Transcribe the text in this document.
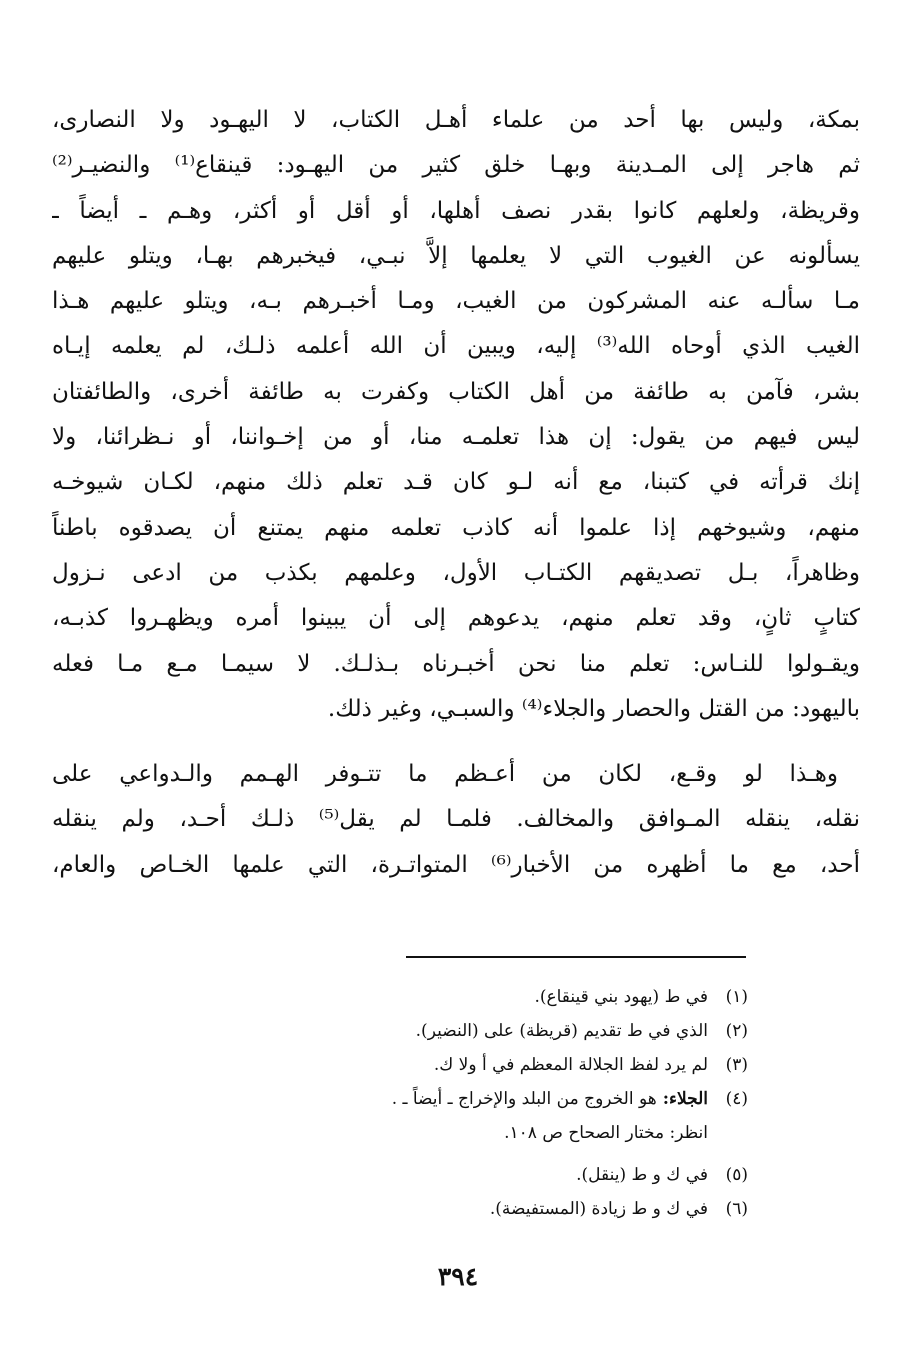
بمكة، وليس بها أحد من علماء أهـل الكتاب، لا اليهـود ولا النصارى،
ثم هاجر إلى المـدينة وبهـا خلق كثير من اليهـود: قينقاع⁽¹⁾ والنضيـر⁽²⁾
وقريظة، ولعلهم كانوا بقدر نصف أهلها، أو أقل أو أكثر، وهـم ـ أيضاً ـ
يسألونه عن الغيوب التي لا يعلمها إلاَّ نبـي، فيخبرهم بهـا، ويتلو عليهم
مـا سألـه عنه المشركون من الغيب، ومـا أخبـرهم بـه، ويتلو عليهم هـذا
الغيب الذي أوحاه الله⁽³⁾ إليه، ويبين أن الله أعلمه ذلـك، لم يعلمه إيـاه
بشر، فآمن به طائفة من أهل الكتاب وكفرت به طائفة أخرى، والطائفتان
ليس فيهم من يقول: إن هذا تعلمـه منا، أو من إخـواننا، أو نـظرائنا، ولا
إنك قرأته في كتبنا، مع أنه لـو كان قـد تعلم ذلك منهم، لكـان شيوخـه
منهم، وشيوخهم إذا علموا أنه كاذب تعلمه منهم يمتنع أن يصدقوه باطناً
وظاهراً، بـل تصديقهم الكتـاب الأول، وعلمهم بكذب من ادعى نـزول
كتابٍ ثانٍ، وقد تعلم منهم، يدعوهم إلى أن يبينوا أمره ويظهـروا كذبـه،
ويقـولوا للنـاس: تعلم منا نحن أخبـرناه بـذلـك. لا سيمـا مـع مـا فعله
باليهود: من القتل والحصار والجلاء⁽⁴⁾ والسبـي، وغير ذلك.
وهـذا لو وقـع، لكان من أعـظم ما تتـوفر الهـمم والـدواعي على
نقله، ينقله المـوافق والمخالف. فلمـا لم يقل⁽⁵⁾ ذلـك أحـد، ولم ينقله
أحد، مع ما أظهره من الأخبار⁽⁶⁾ المتواتـرة، التي علمها الخـاص والعام،
(١)
في ط (يهود بني قينقاع).
(٢)
الذي في ط تقديم (قريظة) على (النضير).
(٣)
لم يرد لفظ الجلالة المعظم في أ ولا ك.
(٤)
الجلاء:
هو الخروج من البلد والإخراج ـ أيضاً ـ .
انظر: مختار الصحاح ص ١٠٨.
(٥)
في ك و ط (ينقل).
(٦)
في ك و ط زيادة (المستفيضة).
٣٩٤
